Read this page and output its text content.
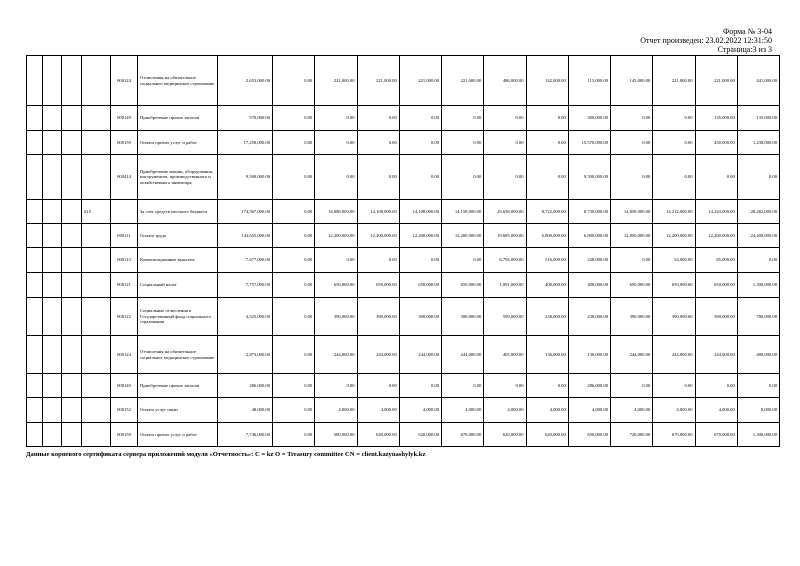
Форма № 3-04
Отчет произведен: 23.02.2022 12:31:50
Страница:3 из 3
				000124	Отчисления на обязательное социальное медицинское страхование	2,653,000.00	0.00	221,000.00	221,000.00	221,000.00	221,000.00	486,000.00	142,000.00	113,000.00	145,000.00	221,000.00	221,000.00	441,000.00
				000149	Приобретение прочих запасов	570,000.00	0.00	0.00	0.00	0.00	0.00	0.00	0.00	300,000.00	0.00	0.00	135,000.00	135,000.00
				000159	Оплата прочих услуг и работ	17,258,000.00	0.00	0.00	0.00	0.00	0.00	0.00	0.00	15,570,000.00	0.00	0.00	450,000.00	1,238,000.00
				000414	Приобретение машин, оборудования, инструментов, производственного и хозяйственного инвентаря	9,500,000.00	0.00	0.00	0.00	0.00	0.00	0.00	0.00	9,500,000.00	0.00	0.00	0.00	0.00
			015		За счет средств местного бюджета	174,567,000.00	0.00	14,088,000.00	14,108,000.00	14,108,000.00	14,158,000.00	29,658,000.00	8,722,000.00	8,730,000.00	14,858,000.00	14,212,000.00	14,243,000.00	28,282,000.00
				000111	Оплата труда	143,655,000.00	0.00	12,200,000.00	12,200,000.00	12,200,000.00	12,200,000.00	19,685,000.00	6,800,000.00	6,800,000.00	12,850,000.00	12,200,000.00	12,200,000.00	24,400,000.00
				000113	Компенсационные выплаты	7,677,000.00	0.00	0.00	0.00	0.00	0.00	6,794,000.00	516,000.00	228,000.00	0.00	54,000.00	85,000.00	0.00
				000121	Социальный налог	7,757,000.00	0.00	650,000.00	650,000.00	650,000.00	650,000.00	1,091,000.00	408,000.00	408,000.00	650,000.00	650,000.00	650,000.00	1,300,000.00
				000122	Социальные отчисления в Государственный фонд социального страхования	4,525,000.00	0.00	390,000.00	390,000.00	390,000.00	390,000.00	599,000.00	238,000.00	238,000.00	390,000.00	390,000.00	390,000.00	780,000.00
				000124	Отчисления на обязательное социальное медицинское страхование	2,873,000.00	0.00	244,000.00	244,000.00	244,000.00	244,000.00	405,000.00	136,000.00	136,000.00	244,000.00	244,000.00	244,000.00	488,000.00
				000149	Приобретение прочих запасов	286,000.00	0.00	0.00	0.00	0.00	0.00	0.00	0.00	286,000.00	0.00	0.00	0.00	0.00
				000152	Оплата услуг связи	48,000.00	0.00	4,000.00	4,000.00	4,000.00	4,000.00	4,000.00	4,000.00	4,000.00	4,000.00	4,000.00	4,000.00	8,000.00
				000159	Оплата прочих услуг и работ	7,746,000.00	0.00	580,000.00	620,000.00	620,000.00	670,000.00	620,000.00	620,000.00	650,000.00	720,000.00	670,000.00	670,000.00	1,306,000.00
Данные корневого сертификата сервера приложений модуля «Отчетность»: C = kz O = Treasury committee CN = client.kazynashylyk.kz
